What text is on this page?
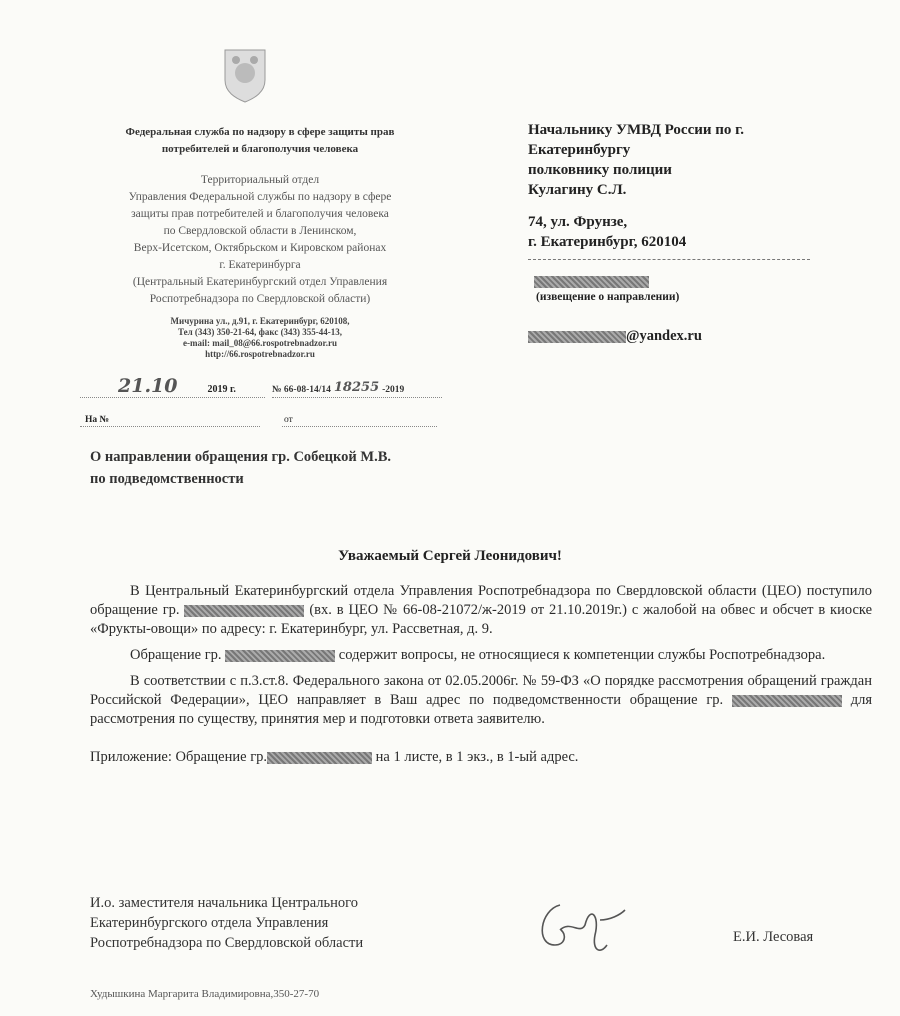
Федеральная служба по надзору в сфере защиты прав
потребителей и благополучия человека
Территориальный отдел
Управления Федеральной службы по надзору в сфере
защиты прав потребителей и благополучия человека
по Свердловской области в Ленинском,
Верх-Исетском, Октябрьском и Кировском районах
г. Екатеринбурга
(Центральный Екатеринбургский отдел Управления
Роспотребнадзора по Свердловской области)
Мичурина ул., д.91, г. Екатеринбург, 620108,
Тел (343) 350-21-64, факс (343) 355-44-13,
e-mail: mail_08@66.rospotrebnadzor.ru
http://66.rospotrebnadzor.ru
21.10	2019 г.	№ 66-08-14/14 18255 -2019
На №	от
О направлении обращения гр. Собецкой М.В.
по подведомственности
Начальнику УМВД России по г.
Екатеринбургу
полковнику полиции
Кулагину С.Л.
74, ул. Фрунзе,
г. Екатеринбург, 620104
(извещение о направлении)
@yandex.ru
Уважаемый Сергей Леонидович!

В Центральный Екатеринбургский отдела Управления Роспотребнадзора по Свердловской области (ЦЕО) поступило обращение гр.	(вх. в ЦЕО № 66-08-21072/ж-2019 от 21.10.2019г.) с жалобой на обвес и обсчет в киоске «Фрукты-овощи» по адресу: г. Екатеринбург, ул. Рассветная, д. 9.

Обращение гр.	содержит вопросы, не относящиеся к компетенции службы Роспотребнадзора.

В соответствии с п.3.ст.8. Федерального закона от 02.05.2006г. № 59-ФЗ «О порядке рассмотрения обращений граждан Российской Федерации», ЦЕО направляет в Ваш адрес по подведомственности обращение гр.	для рассмотрения по существу, принятия мер и подготовки ответа заявителю.

Приложение: Обращение гр.	на 1 листе, в 1 экз., в 1-ый адрес.
И.о. заместителя начальника Центрального
Екатеринбургского отдела Управления
Роспотребнадзора по Свердловской области	Е.И. Лесовая
Худышкина Маргарита Владимировна,350-27-70
